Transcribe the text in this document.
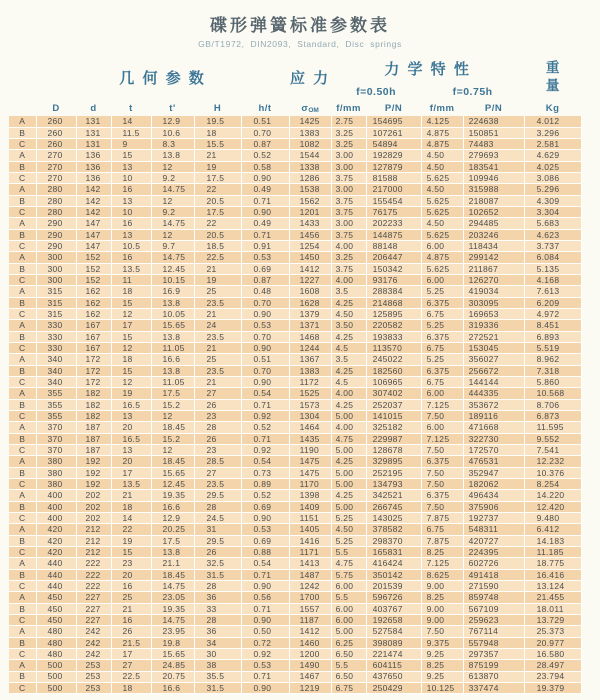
碟形弹簧标准参数表
GB/T1972, DIN2093, Standard, Disc springs
	几 何 参 数						应 力	力 学 特 性				重
量

								f=0.50h		f=0.75h		
	D	d	t	t'	H	h/t	$\sigma_{OM}$	f/mm	P/N	f/mm	P/N	Kg
A	260	131	14	12.9	19.5	0.51	1425	2.75	154695	4.125	224638	4.012
B	260	131	11.5	10.6	18	0.70	1383	3.25	107261	4.875	150851	3.296
C	260	131	9	8.3	15.5	0.87	1082	3.25	54894	4.875	74483	2.581
A	270	136	15	13.8	21	0.52	1544	3.00	192829	4.50	279693	4.629
B	270	136	13	12	19	0.58	1338	3.00	127879	4.50	183541	4.025
C	270	136	10	9.2	17.5	0.90	1286	3.75	81588	5.625	109946	3.086
A	280	142	16	14.75	22	0.49	1538	3.00	217000	4.50	315988	5.296
B	280	142	13	12	20.5	0.71	1562	3.75	155454	5.625	218087	4.309
C	280	142	10	9.2	17.5	0.90	1201	3.75	76175	5.625	102652	3.304
A	290	147	16	14.75	22	0.49	1433	3.00	202233	4.50	294485	5.683
B	290	147	13	12	20.5	0.71	1456	3.75	144875	5.625	203246	4.623
C	290	147	10.5	9.7	18.5	0.91	1254	4.00	88148	6.00	118434	3.737
A	300	152	16	14.75	22.5	0.53	1450	3.25	206447	4.875	299142	6.084
B	300	152	13.5	12.45	21	0.69	1412	3.75	150342	5.625	211867	5.135
C	300	152	11	10.15	19	0.87	1227	4.00	93176	6.00	126270	4.168
A	315	162	18	16.9	25	0.48	1608	3.5	288384	5.25	419034	7.613
B	315	162	15	13.8	23.5	0.70	1628	4.25	214868	6.375	303095	6.209
C	315	162	12	10.05	21	0.90	1379	4.50	125895	6.75	169653	4.972
A	330	167	17	15.65	24	0.53	1371	3.50	220582	5.25	319336	8.451
B	330	167	15	13.8	23.5	0.70	1468	4.25	193833	6.375	272521	6.893
C	330	167	12	11.05	21	0.90	1244	4.5	113570	6.75	153045	5.519
A	340	172	18	16.6	25	0.51	1367	3.5	245022	5.25	356027	8.962
B	340	172	15	13.8	23.5	0.70	1383	4.25	182560	6.375	256672	7.318
C	340	172	12	11.05	21	0.90	1172	4.5	106965	6.75	144144	5.860
A	355	182	19	17.5	27	0.54	1525	4.00	307402	6.00	444335	10.568
B	355	182	16.5	15.2	26	0.71	1573	4.25	252037	7.125	353672	8.706
C	355	182	13	12	23	0.92	1304	5.00	141015	7.50	189116	6.873
A	370	187	20	18.45	28	0.52	1464	4.00	325182	6.00	471668	11.595
B	370	187	16.5	15.2	26	0.71	1435	4.75	229987	7.125	322730	9.552
C	370	187	13	12	23	0.92	1190	5.00	128678	7.50	172570	7.541
A	380	192	20	18.45	28.5	0.54	1475	4.25	329895	6.375	476531	12.232
B	380	192	17	15.65	27	0.73	1475	5.00	252195	7.50	352947	10.376
C	380	192	13.5	12.45	23.5	0.89	1170	5.00	134793	7.50	182062	8.254
A	400	202	21	19.35	29.5	0.52	1398	4.25	342521	6.375	496434	14.220
B	400	202	18	16.6	28	0.69	1409	5.00	266745	7.50	375906	12.420
C	400	202	14	12.9	24.5	0.90	1151	5.25	143025	7.875	192737	9.480
A	420	212	22	20.25	31	0.53	1405	4.50	378582	6.75	548311	6.412
B	420	212	19	17.5	29.5	0.69	1416	5.25	298370	7.875	420727	14.183
C	420	212	15	13.8	26	0.88	1171	5.5	165831	8.25	224395	11.185
A	440	222	23	21.1	32.5	0.54	1413	4.75	416424	7.125	602726	18.775
B	440	222	20	18.45	31.5	0.71	1487	5.75	350142	8.625	491418	16.416
C	440	222	16	14.75	28	0.90	1242	6.00	201539	9.00	271590	13.124
A	450	227	25	23.05	36	0.56	1700	5.5	596726	8.25	859748	21.455
B	450	227	21	19.35	33	0.71	1557	6.00	403767	9.00	567109	18.011
C	450	227	16	14.75	28	0.90	1187	6.00	192658	9.00	259623	13.729
A	480	242	26	23.95	36	0.50	1412	5.00	527584	7.50	767114	25.373
B	480	242	21.5	19.8	34	0.72	1460	6.25	398089	9.375	557948	20.977
C	480	242	17	15.65	30	0.92	1200	6.50	221474	9.25	297357	16.580
A	500	253	27	24.85	38	0.53	1490	5.5	604115	8.25	875199	28.497
B	500	253	22.5	20.75	35.5	0.71	1467	6.50	437650	9.25	613870	23.794
C	500	253	18	16.6	31.5	0.90	1219	6.75	250429	10.125	337474	19.379
